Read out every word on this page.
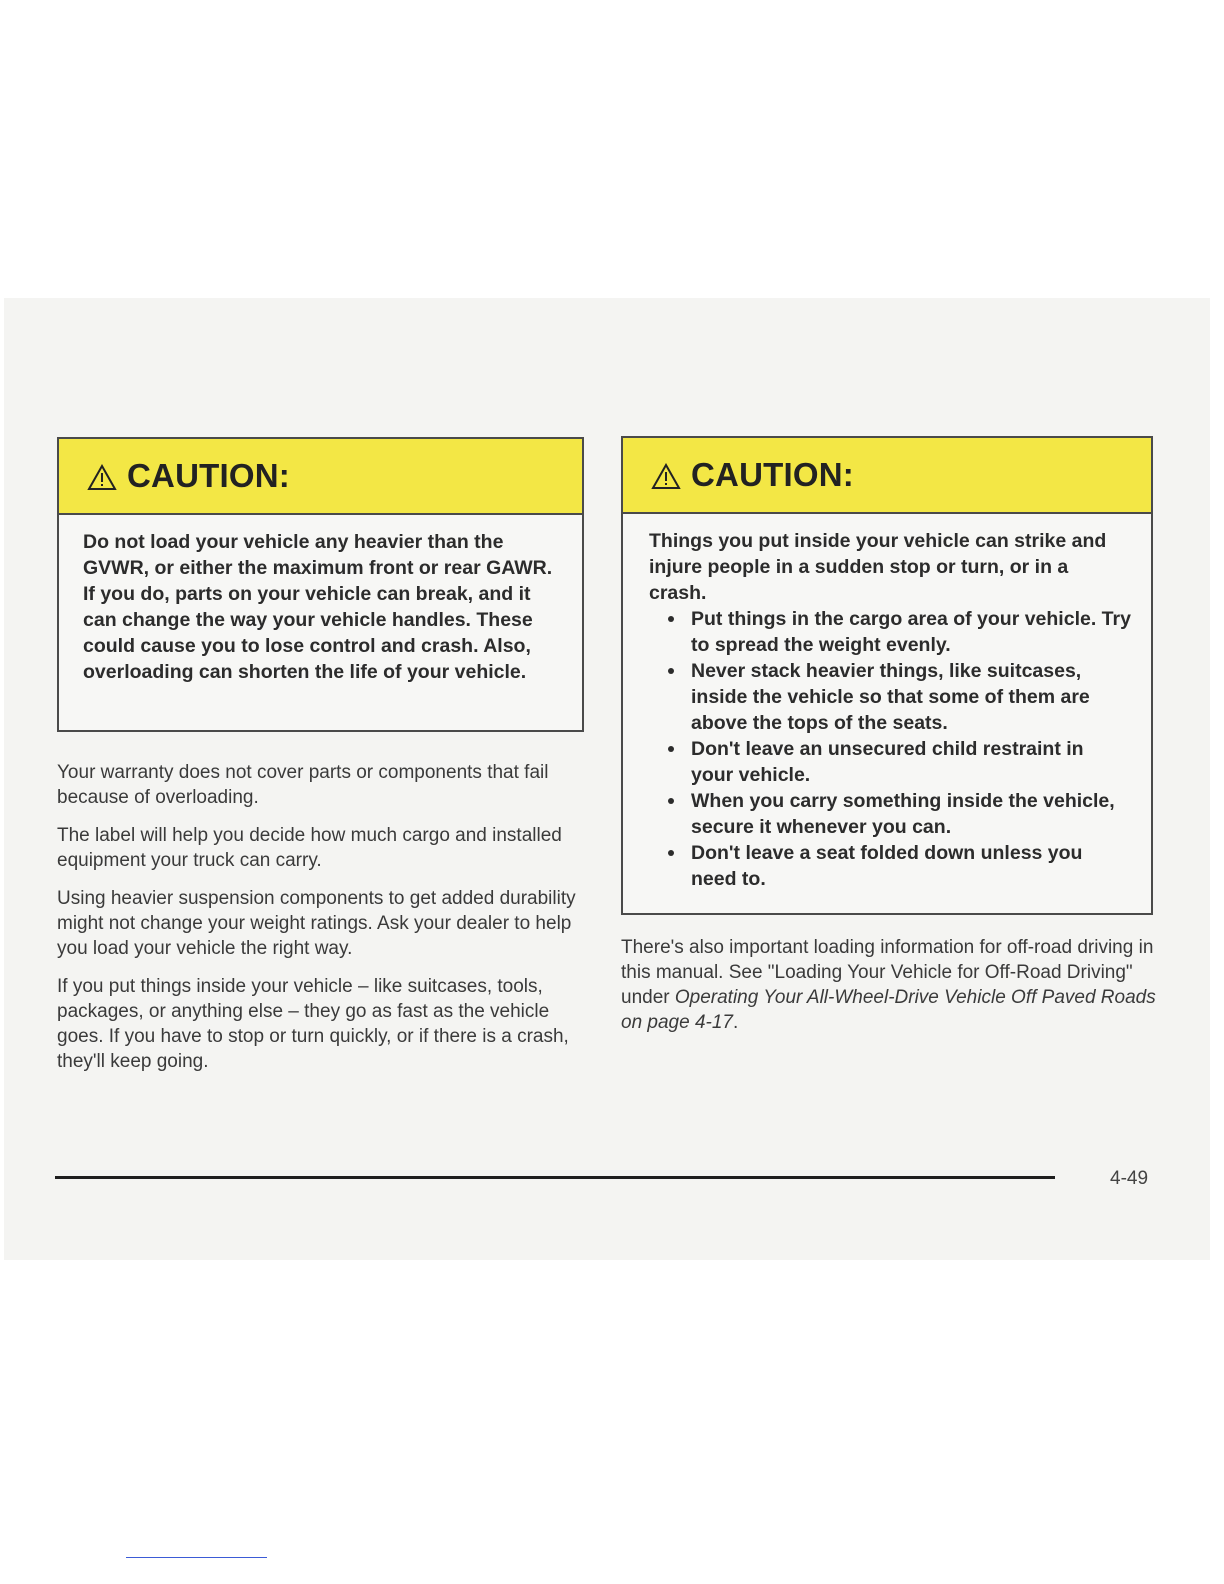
CAUTION:

Do not load your vehicle any heavier than the GVWR, or either the maximum front or rear GAWR. If you do, parts on your vehicle can break, and it can change the way your vehicle handles. These could cause you to lose control and crash. Also, overloading can shorten the life of your vehicle.

Your warranty does not cover parts or components that fail because of overloading.

The label will help you decide how much cargo and installed equipment your truck can carry.

Using heavier suspension components to get added durability might not change your weight ratings. Ask your dealer to help you load your vehicle the right way.

If you put things inside your vehicle – like suitcases, tools, packages, or anything else – they go as fast as the vehicle goes. If you have to stop or turn quickly, or if there is a crash, they'll keep going.

CAUTION:

Things you put inside your vehicle can strike and injure people in a sudden stop or turn, or in a crash.

Put things in the cargo area of your vehicle. Try to spread the weight evenly.
Never stack heavier things, like suitcases, inside the vehicle so that some of them are above the tops of the seats.
Don't leave an unsecured child restraint in your vehicle.
When you carry something inside the vehicle, secure it whenever you can.
Don't leave a seat folded down unless you need to.

There's also important loading information for off-road driving in this manual. See "Loading Your Vehicle for Off-Road Driving" under Operating Your All-Wheel-Drive Vehicle Off Paved Roads on page 4-17.

4-49
